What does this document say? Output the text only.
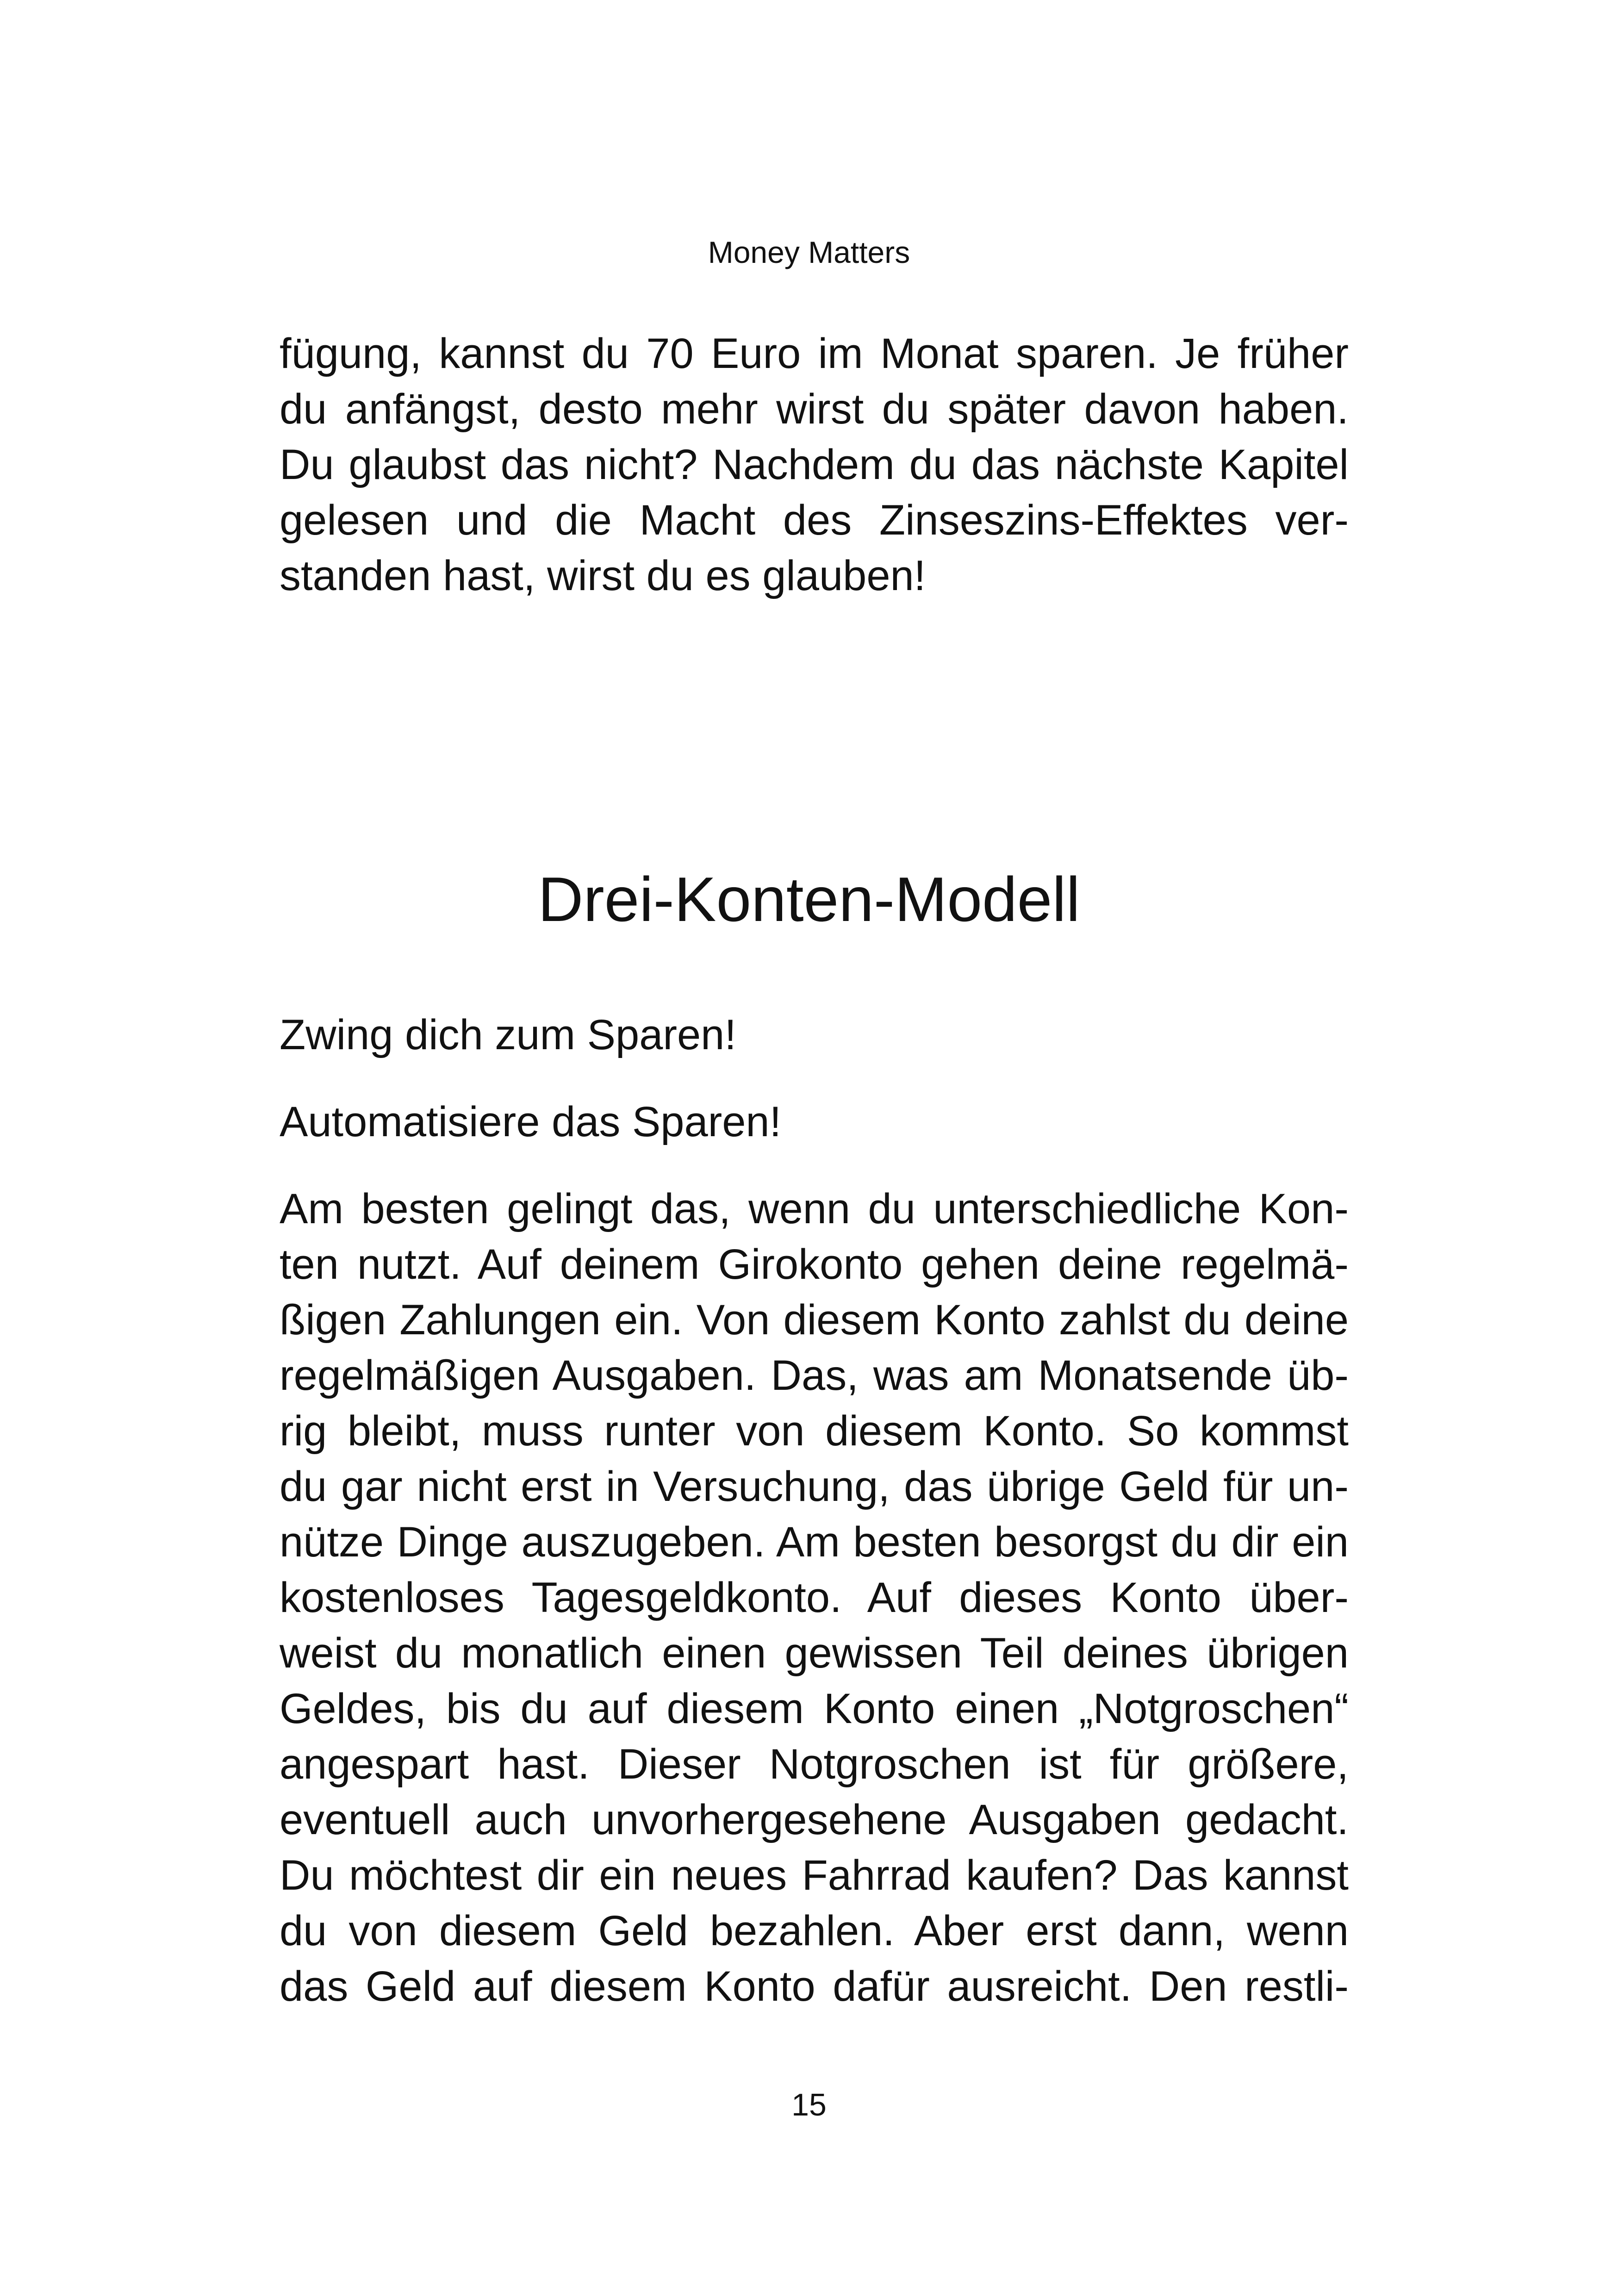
Money Matters
fügung, kannst du 70 Euro im Monat sparen. Je früher
du anfängst, desto mehr wirst du später davon haben.
Du glaubst das nicht? Nachdem du das nächste Kapitel
gelesen und die Macht des Zinseszins-Effektes ver-
standen hast, wirst du es glauben!
Drei-Konten-Modell
Zwing dich zum Sparen!
Automatisiere das Sparen!
Am besten gelingt das, wenn du unterschiedliche Kon-
ten nutzt. Auf deinem Girokonto gehen deine regelmä-
ßigen Zahlungen ein. Von diesem Konto zahlst du deine
regelmäßigen Ausgaben. Das, was am Monatsende üb-
rig bleibt, muss runter von diesem Konto. So kommst
du gar nicht erst in Versuchung, das übrige Geld für un-
nütze Dinge auszugeben. Am besten besorgst du dir ein
kostenloses Tagesgeldkonto. Auf dieses Konto über-
weist du monatlich einen gewissen Teil deines übrigen
Geldes, bis du auf diesem Konto einen „Notgroschen“
angespart hast. Dieser Notgroschen ist für größere,
eventuell auch unvorhergesehene Ausgaben gedacht.
Du möchtest dir ein neues Fahrrad kaufen? Das kannst
du von diesem Geld bezahlen. Aber erst dann, wenn
das Geld auf diesem Konto dafür ausreicht. Den restli-
15
